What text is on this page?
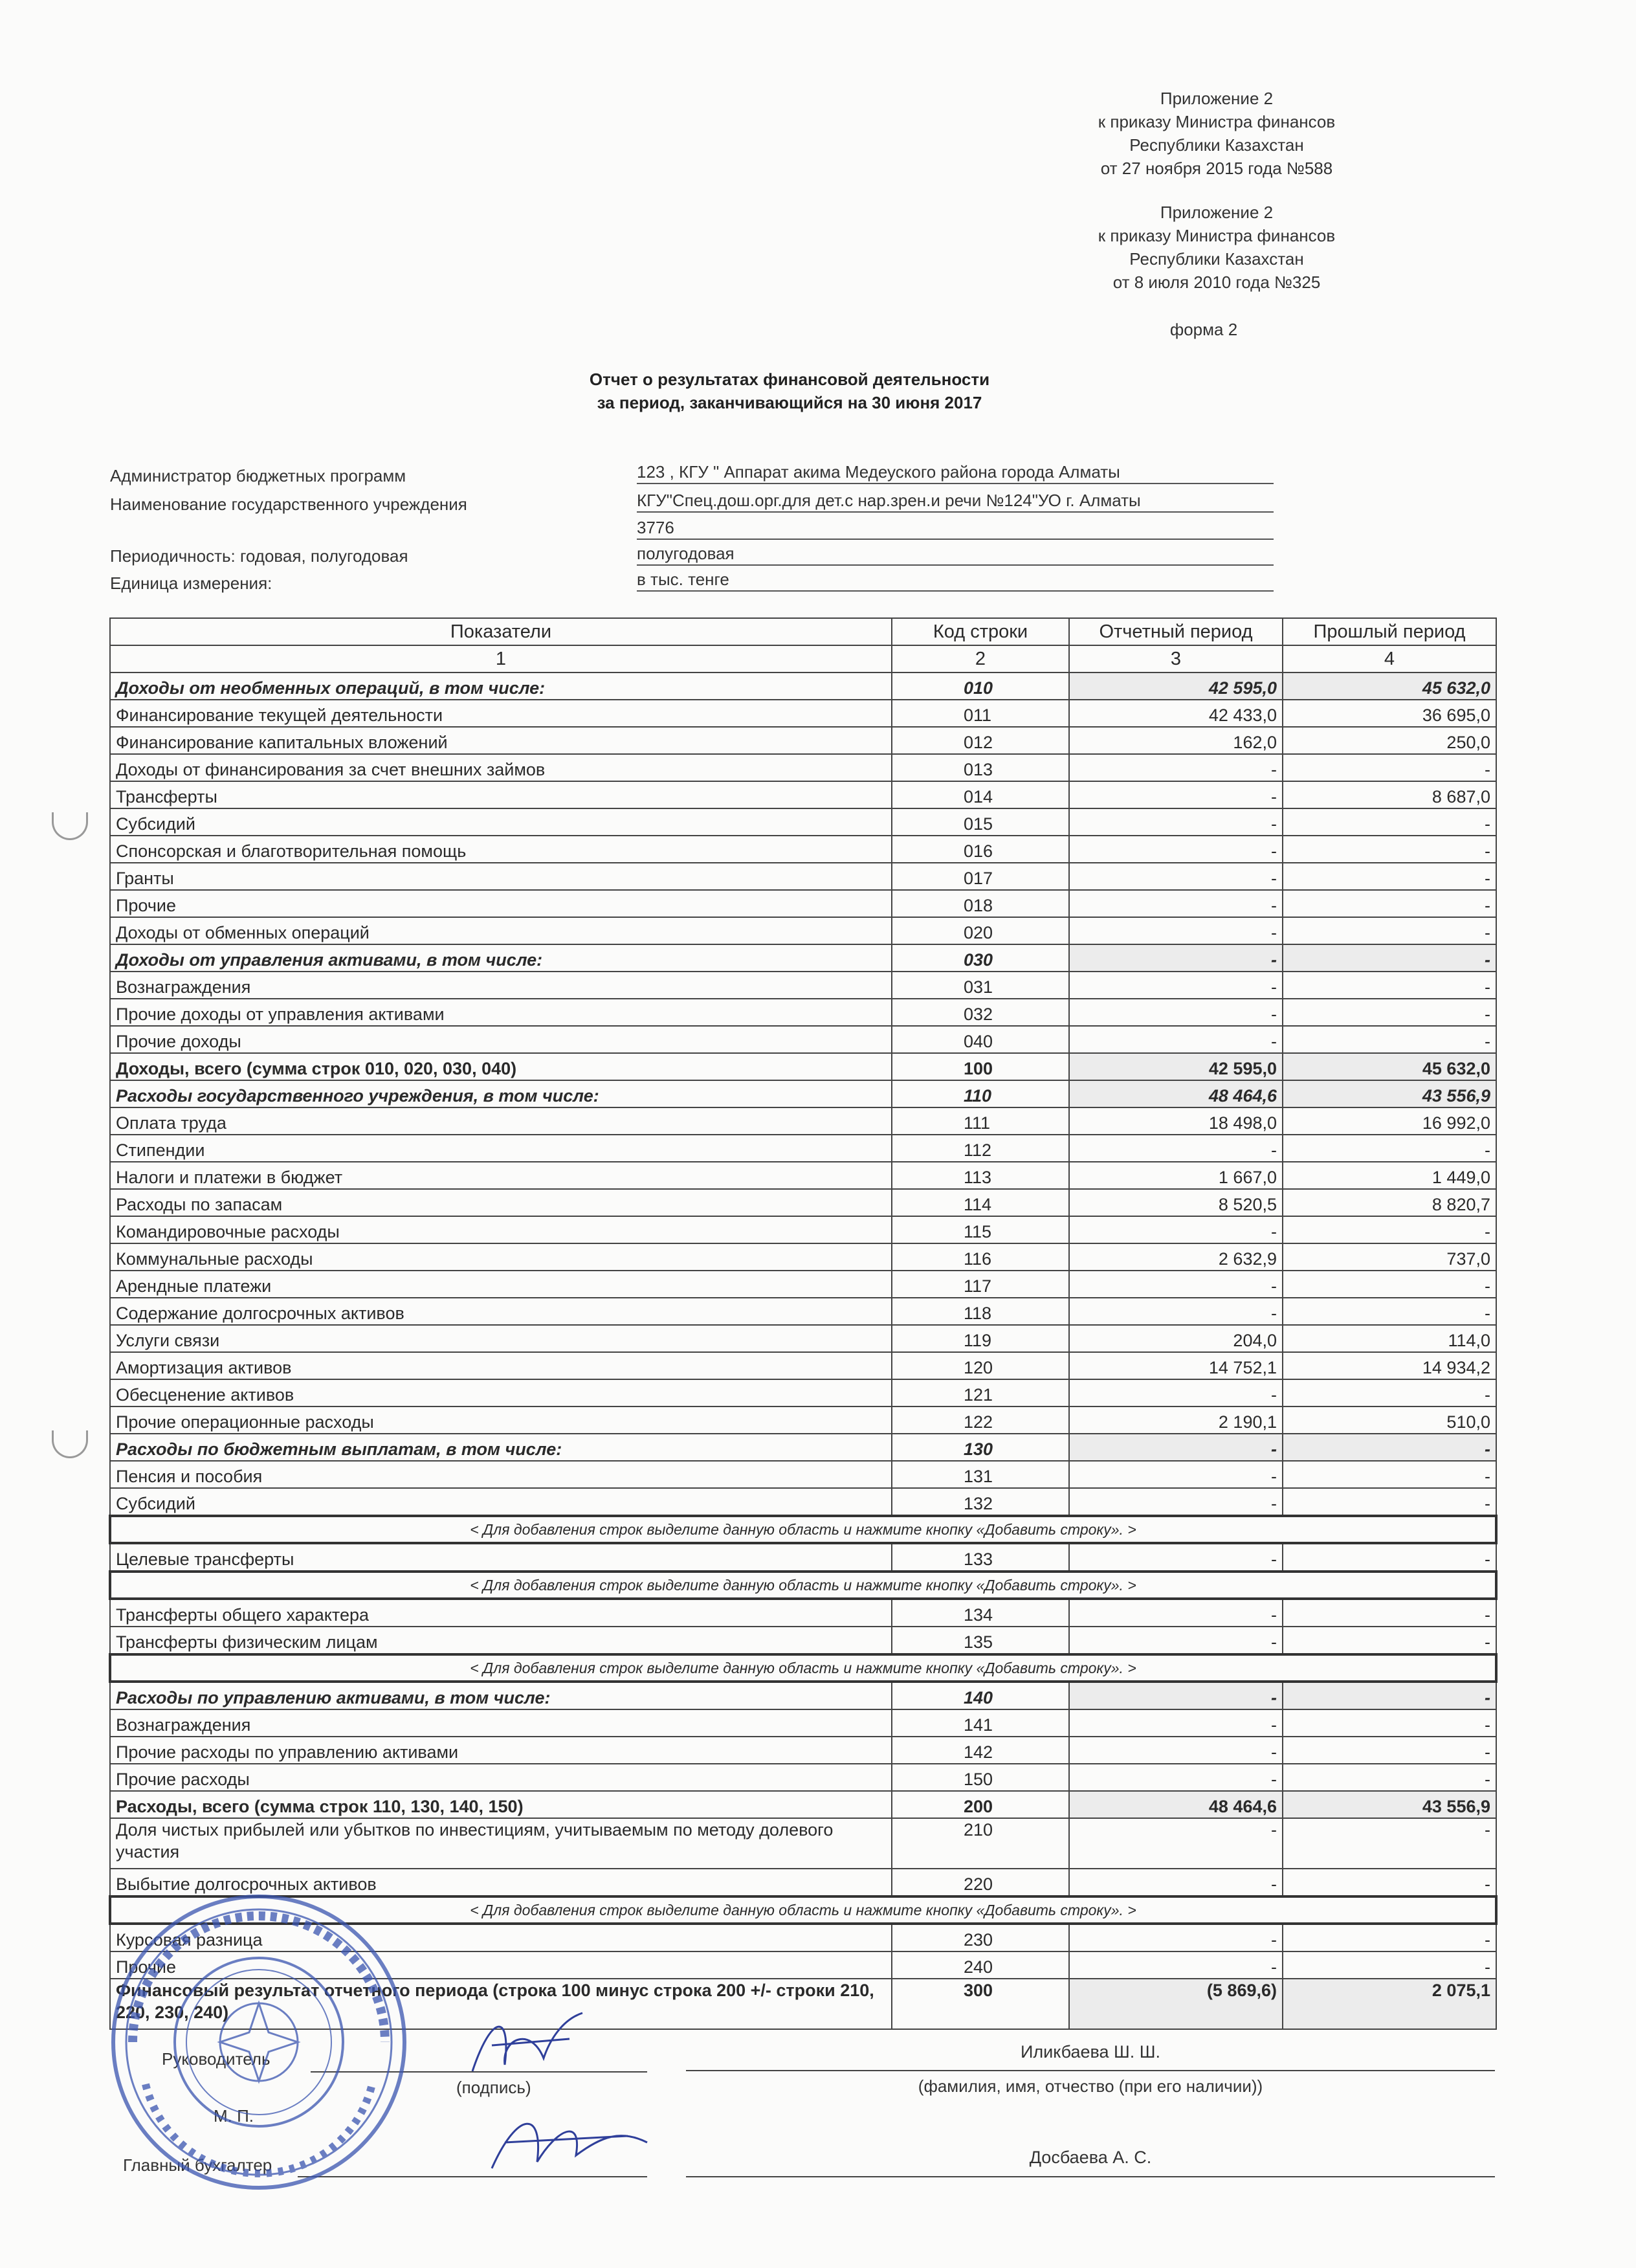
Приложение 2
к приказу Министра финансов
Республики Казахстан
от 27 ноября 2015 года №588
Приложение 2
к приказу Министра финансов
Республики Казахстан
от 8 июля 2010 года №325
форма 2
Отчет о результатах финансовой деятельности
за период, заканчивающийся на 30 июня 2017
Администратор бюджетных программ	123 , КГУ " Аппарат акима Медеуского района города Алматы
Наименование государственного учреждения	КГУ"Спец.дош.орг.для дет.с нар.зрен.и речи №124"УО г. Алматы
3776
Периодичность: годовая, полугодовая	полугодовая
Единица измерения:	в тыс. тенге
Показатели	Код строки	Отчетный период	Прошлый период
1	2	3	4
Доходы от необменных операций, в том числе:	010	42 595,0	45 632,0
Финансирование текущей деятельности	011	42 433,0	36 695,0
Финансирование капитальных вложений	012	162,0	250,0
Доходы от финансирования за счет внешних займов	013	-	-
Трансферты	014	-	8 687,0
Субсидий	015	-	-
Спонсорская и благотворительная помощь	016	-	-
Гранты	017	-	-
Прочие	018	-	-
Доходы от обменных операций	020	-	-
Доходы от управления активами, в том числе:	030	-	-
Вознаграждения	031	-	-
Прочие доходы от управления активами	032	-	-
Прочие доходы	040	-	-
Доходы, всего (сумма строк 010, 020, 030, 040)	100	42 595,0	45 632,0
Расходы государственного учреждения, в том числе:	110	48 464,6	43 556,9
Оплата труда	111	18 498,0	16 992,0
Стипендии	112	-	-
Налоги и платежи в бюджет	113	1 667,0	1 449,0
Расходы по запасам	114	8 520,5	8 820,7
Командировочные расходы	115	-	-
Коммунальные расходы	116	2 632,9	737,0
Арендные платежи	117	-	-
Содержание долгосрочных активов	118	-	-
Услуги связи	119	204,0	114,0
Амортизация активов	120	14 752,1	14 934,2
Обесценение активов	121	-	-
Прочие операционные расходы	122	2 190,1	510,0
Расходы по бюджетным выплатам, в том числе:	130	-	-
Пенсия и пособия	131	-	-
Субсидий	132	-	-
< Для добавления строк выделите данную область и нажмите кнопку «Добавить строку». >			
Целевые трансферты	133	-	-
< Для добавления строк выделите данную область и нажмите кнопку «Добавить строку». >			
Трансферты общего характера	134	-	-
Трансферты физическим лицам	135	-	-
< Для добавления строк выделите данную область и нажмите кнопку «Добавить строку». >			
Расходы по управлению активами, в том числе:	140	-	-
Вознаграждения	141	-	-
Прочие расходы по управлению активами	142	-	-
Прочие расходы	150	-	-
Расходы, всего (сумма строк 110, 130, 140, 150)	200	48 464,6	43 556,9
Доля чистых прибылей или убытков по инвестициям, учитываемым по методу долевого участия	210	-	-
Выбытие долгосрочных активов	220	-	-
< Для добавления строк выделите данную область и нажмите кнопку «Добавить строку». >			
Курсовая разница	230	-	-
Прочие	240	-	-
Финансовый результат отчетного периода (строка 100 минус строка 200 +/- строки 210, 220, 230, 240)	300	(5 869,6)	2 075,1
Руководитель
(подпись)
Иликбаева Ш. Ш.
(фамилия, имя, отчество (при его наличии))
М. П.
Главный бухгалтер	Досбаева А. С.
